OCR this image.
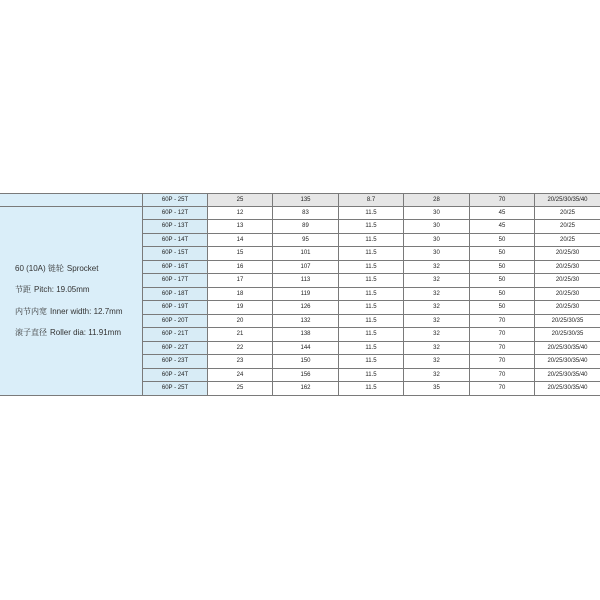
60P - 25T	25	135	8.7	28	70	20/25/30/35/40
60 (10A) 链轮 Sprocket
节距 Pitch: 19.05mm
内节内宽 Inner width: 12.7mm
滚子直径 Roller dia: 11.91mm
60P - 12T	12	83	11.5	30	45	20/25
60P - 13T	13	89	11.5	30	45	20/25
60P - 14T	14	95	11.5	30	50	20/25
60P - 15T	15	101	11.5	30	50	20/25/30
60P - 16T	16	107	11.5	32	50	20/25/30
60P - 17T	17	113	11.5	32	50	20/25/30
60P - 18T	18	119	11.5	32	50	20/25/30
60P - 19T	19	126	11.5	32	50	20/25/30
60P - 20T	20	132	11.5	32	70	20/25/30/35
60P - 21T	21	138	11.5	32	70	20/25/30/35
60P - 22T	22	144	11.5	32	70	20/25/30/35/40
60P - 23T	23	150	11.5	32	70	20/25/30/35/40
60P - 24T	24	156	11.5	32	70	20/25/30/35/40
60P - 25T	25	162	11.5	35	70	20/25/30/35/40
